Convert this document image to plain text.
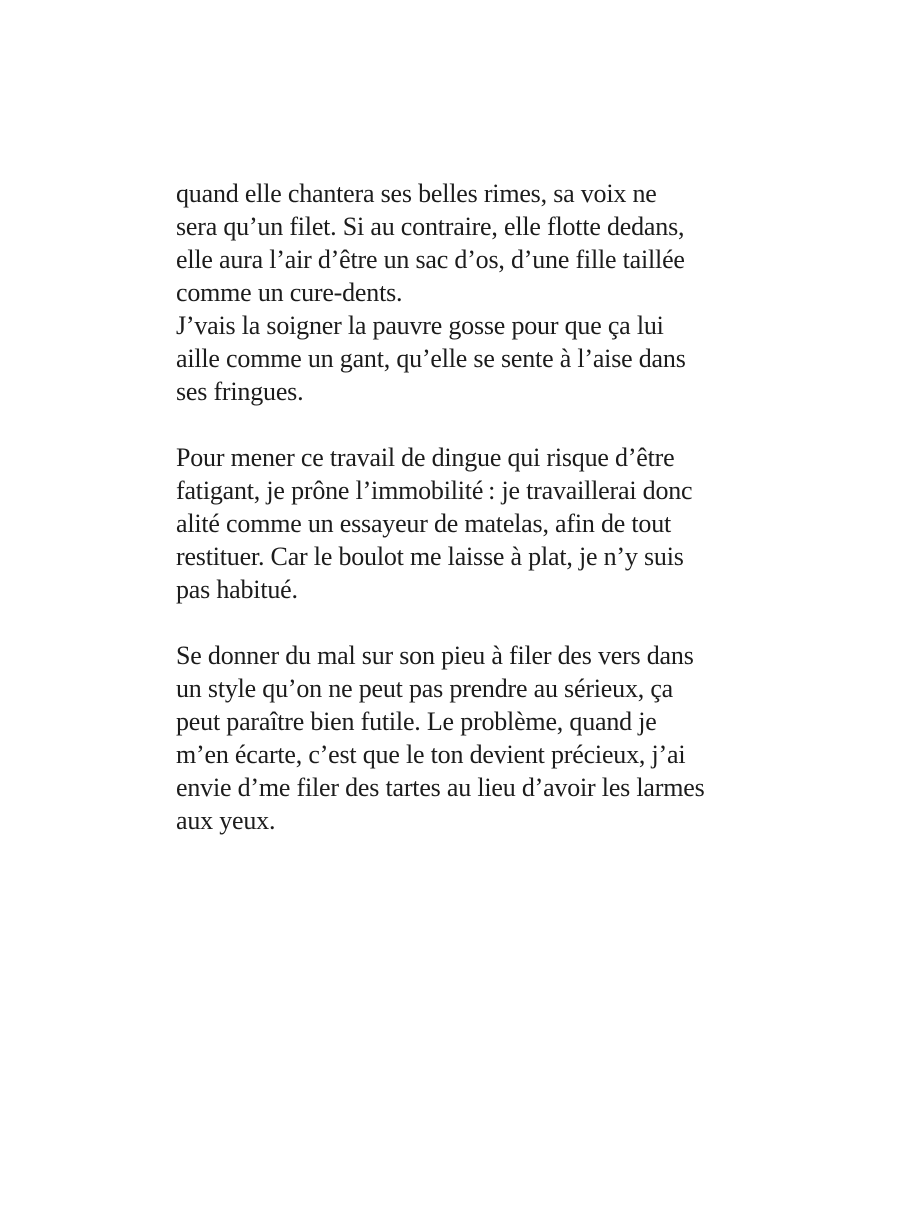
quand elle chantera ses belles rimes, sa voix ne
sera qu’un filet. Si au contraire, elle flotte dedans,
elle aura l’air d’être un sac d’os, d’une fille taillée
comme un cure-dents.

J’vais la soigner la pauvre gosse pour que ça lui
aille comme un gant, qu’elle se sente à l’aise dans
ses fringues.

Pour mener ce travail de dingue qui risque d’être
fatigant, je prône l’immobilité : je travaillerai donc
alité comme un essayeur de matelas, afin de tout
restituer. Car le boulot me laisse à plat, je n’y suis
pas habitué.

Se donner du mal sur son pieu à filer des vers dans
un style qu’on ne peut pas prendre au sérieux, ça
peut paraître bien futile. Le problème, quand je
m’en écarte, c’est que le ton devient précieux, j’ai
envie d’me filer des tartes au lieu d’avoir les larmes
aux yeux.
